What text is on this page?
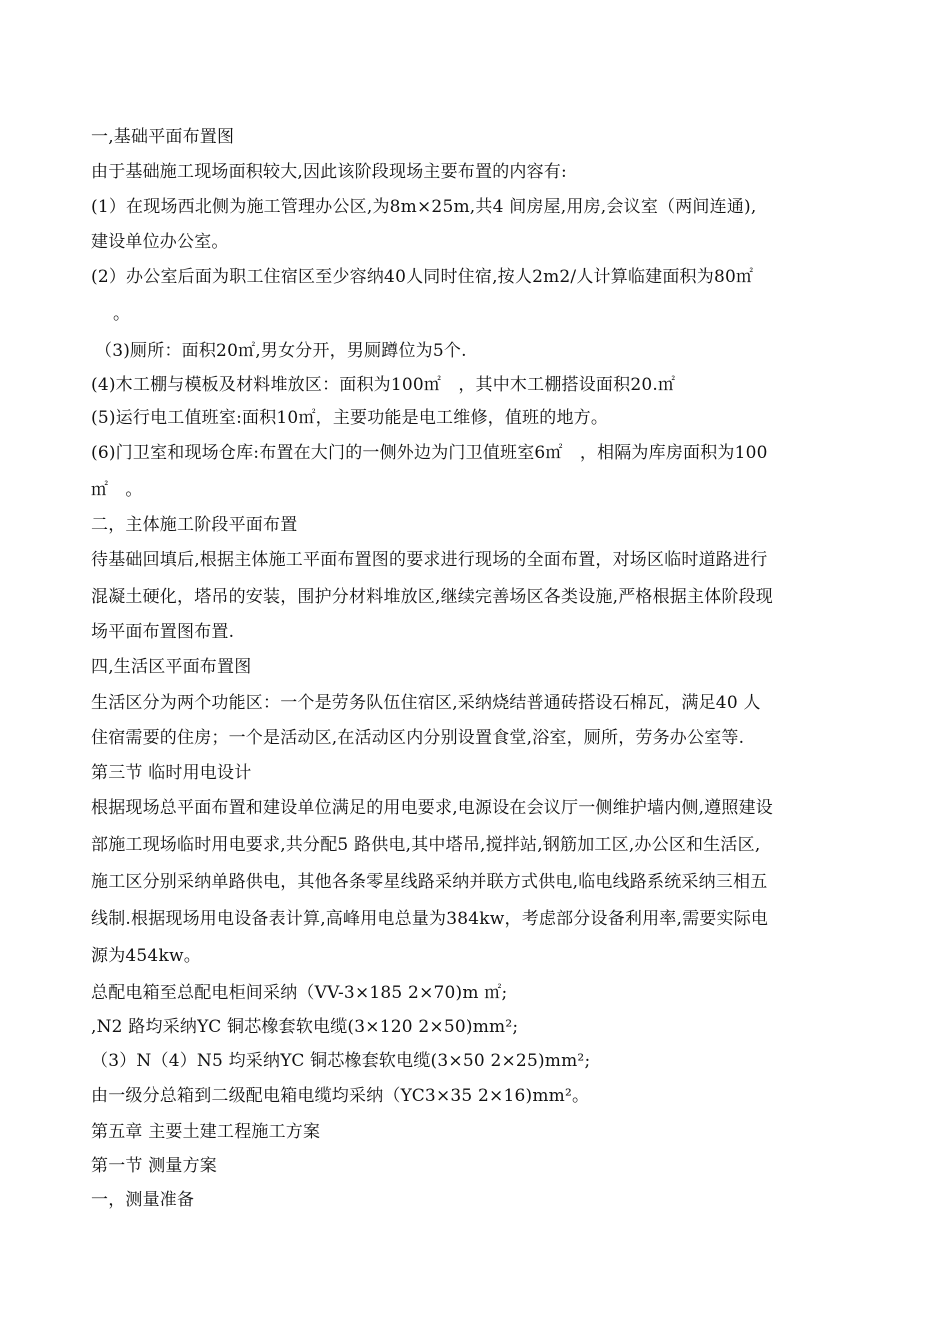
一,基础平面布置图
由于基础施工现场面积较大,因此该阶段现场主要布置的内容有:
(1）在现场西北侧为施工管理办公区,为8m×25m,共4 间房屋,用房,会议室（两间连通),
建设单位办公室。
(2）办公室后面为职工住宿区至少容纳40人同时住宿,按人2m2/人计算临建面积为80㎡
。
（3)厕所：面积20㎡,男女分开，男厕蹲位为5个.
(4)木工棚与模板及材料堆放区：面积为100㎡　，其中木工棚搭设面积20.㎡
(5)运行电工值班室:面积10㎡，主要功能是电工维修，值班的地方。
(6)门卫室和现场仓库:布置在大门的一侧外边为门卫值班室6㎡　，相隔为库房面积为100
㎡　。
二，主体施工阶段平面布置
待基础回填后,根据主体施工平面布置图的要求进行现场的全面布置，对场区临时道路进行
混凝土硬化，塔吊的安装，围护分材料堆放区,继续完善场区各类设施,严格根据主体阶段现
场平面布置图布置.
四,生活区平面布置图
生活区分为两个功能区：一个是劳务队伍住宿区,采纳烧结普通砖搭设石棉瓦，满足40 人
住宿需要的住房；一个是活动区,在活动区内分别设置食堂,浴室，厕所，劳务办公室等.
第三节 临时用电设计
根据现场总平面布置和建设单位满足的用电要求,电源设在会议厅一侧维护墙内侧,遵照建设
部施工现场临时用电要求,共分配5 路供电,其中塔吊,搅拌站,钢筋加工区,办公区和生活区,
施工区分别采纳单路供电，其他各条零星线路采纳并联方式供电,临电线路系统采纳三相五
线制.根据现场用电设备表计算,高峰用电总量为384kw，考虑部分设备利用率,需要实际电
源为454kw。
总配电箱至总配电柜间采纳（VV-3×185 2×70)m ㎡;
,N2 路均采纳YC 铜芯橡套软电缆(3×120 2×50)mm²;
（3）N（4）N5 均采纳YC 铜芯橡套软电缆(3×50 2×25)mm²;
由一级分总箱到二级配电箱电缆均采纳（YC3×35 2×16)mm²。
第五章 主要土建工程施工方案
第一节 测量方案
一，测量准备
